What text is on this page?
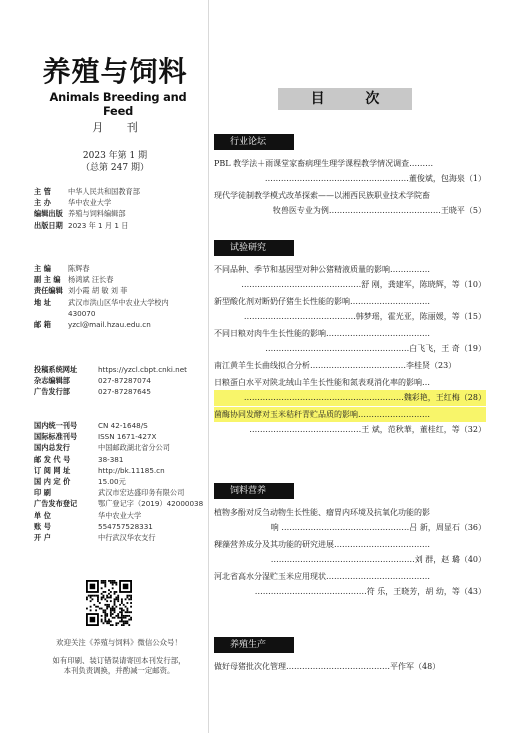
养殖与饲料
Animals Breeding and Feed
月 刊
2023 年第 1 期
（总第 247 期）
主 管	中华人民共和国教育部
主 办	华中农业大学
编辑出版 养殖与饲料编辑部
出版日期 2023 年 1 月 1 日
主 编	陈辉春
副 主 编	杨鸿斌 汪长春
责任编辑 刘小霞 胡 敏 刘 菲
地 址	武汉市洪山区华中农业大学校内
430070
邮 箱	yzcl@mail.hzau.edu.cn
投稿系统网址	https://yzcl.cbpt.cnki.net
杂志编辑部	027-87287074
广告发行部	027-87287645
国内统一刊号	CN 42-1648/S
国际标准刊号	ISSN 1671-427X
国内总发行	中国邮政湖北省分公司
邮 发 代 号	38-381
订 阅 网 址	http://bk.11185.cn
国 内 定 价	15.00元
印 刷	武汉市宏达盛印务有限公司
广告发布登记	鄂广登记字（2019）42000038
单 位	华中农业大学
账 号	554757528331
开 户	中行武汉华农支行
欢迎关注《养殖与饲料》微信公众号！
如有印刷、装订错误请寄回本刊发行部，
本刊负责调换，并酌减一定邮资。
目 次
行业论坛
PBL 教学法＋雨课堂家畜病理生理学课程教学情况调查………
………………………………………………董俊斌，包海泉（1）
现代学徒制教学模式改革探索——以湘西民族职业技术学院畜
牧兽医专业为例……………………………………王晓平（5）
试验研究
不同品种、季节和基因型对种公猪精液质量的影响……………
………………………………………舒 刚，龚建军，陈晓辉，等（10）
新型酸化剂对断奶仔猪生长性能的影响…………………………
……………………………………韩梦瑶，霍光亚，陈丽媛，等（15）
不同日粮对肉牛生长性能的影响…………………………………
………………………………………………白飞飞，王 奇（19）
南江黄羊生长曲线拟合分析………………………………李桂贤（23）
日粮蛋白水平对陕北绒山羊生长性能和氮表观消化率的影响…
……………………………………………………魏彩艳，王红梅（28）
菌酶协同发酵对玉米秸秆青贮品质的影响………………………
……………………………………王 斌，范秋華，董桂红，等（32）
饲料营养
植物多酚对反刍动物生长性能、瘤胃内环境及抗氧化功能的影
响 …………………………………………吕 新，周显石（36）
稞藻营养成分及其功能的研究进展………………………………
………………………………………………刘 群，赵 璐（40）
河北省高水分湿贮玉米应用现状…………………………………
……………………………………符 乐，王晓芳，胡 幼，等（43）
养殖生产
做好母猪批次化管理…………………………………平作军（48）
